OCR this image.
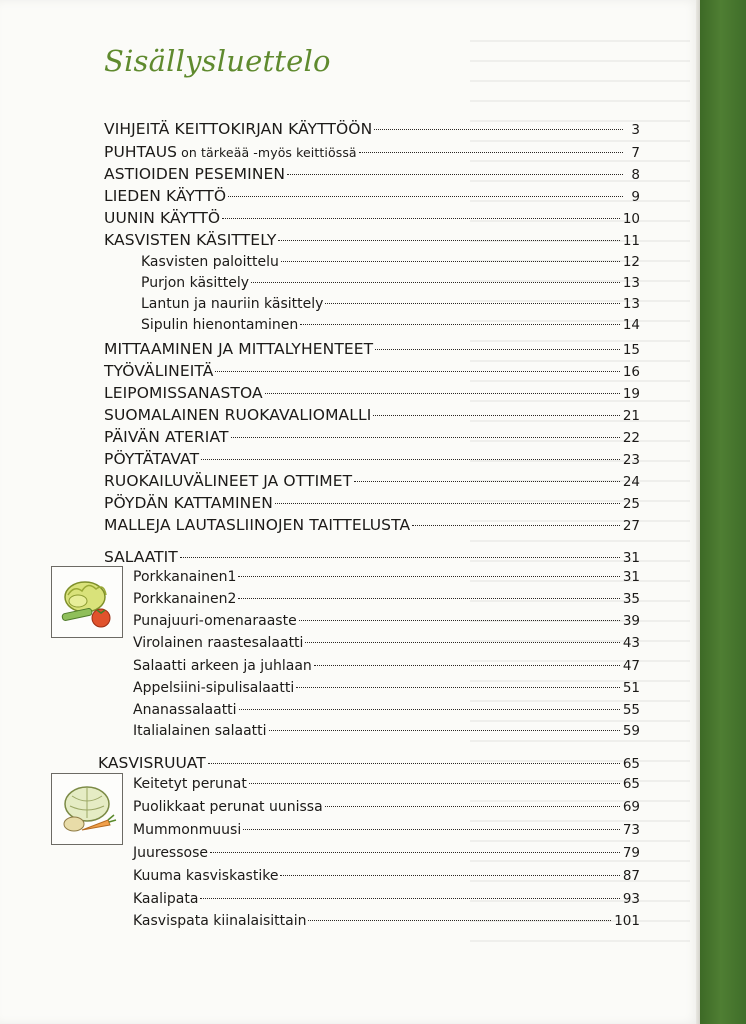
Sisällysluettelo
VIHJEITÄ KEITTOKIRJAN KÄYTTÖÖN	3
PUHTAUS on tärkeää -myös keittiössä	7
ASTIOIDEN PESEMINEN	8
LIEDEN KÄYTTÖ	9
UUNIN KÄYTTÖ	10
KASVISTEN KÄSITTELY	11
Kasvisten paloittelu	12
Purjon käsittely	13
Lantun ja nauriin käsittely	13
Sipulin hienontaminen	14
MITTAAMINEN JA MITTALYHENTEET	15
TYÖVÄLINEITÄ	16
LEIPOMISSANASTOA	19
SUOMALAINEN RUOKAVALIOMALLI	21
PÄIVÄN ATERIAT	22
PÖYTÄTAVAT	23
RUOKAILUVÄLINEET JA OTTIMET	24
PÖYDÄN KATTAMINEN	25
MALLEJA LAUTASLIINOJEN TAITTELUSTA	27
SALAATIT	31
Porkkanainen1	31
Porkkanainen2	35
Punajuuri-omenaraaste	39
Virolainen raastesalaatti	43
Salaatti arkeen ja juhlaan	47
Appelsiini-sipulisalaatti	51
Ananassalaatti	55
Italialainen salaatti	59
KASVISRUUAT	65
Keitetyt perunat	65
Puolikkaat perunat uunissa	69
Mummonmuusi	73
Juuressose	79
Kuuma kasviskastike	87
Kaalipata	93
Kasvispata kiinalaisittain	101
